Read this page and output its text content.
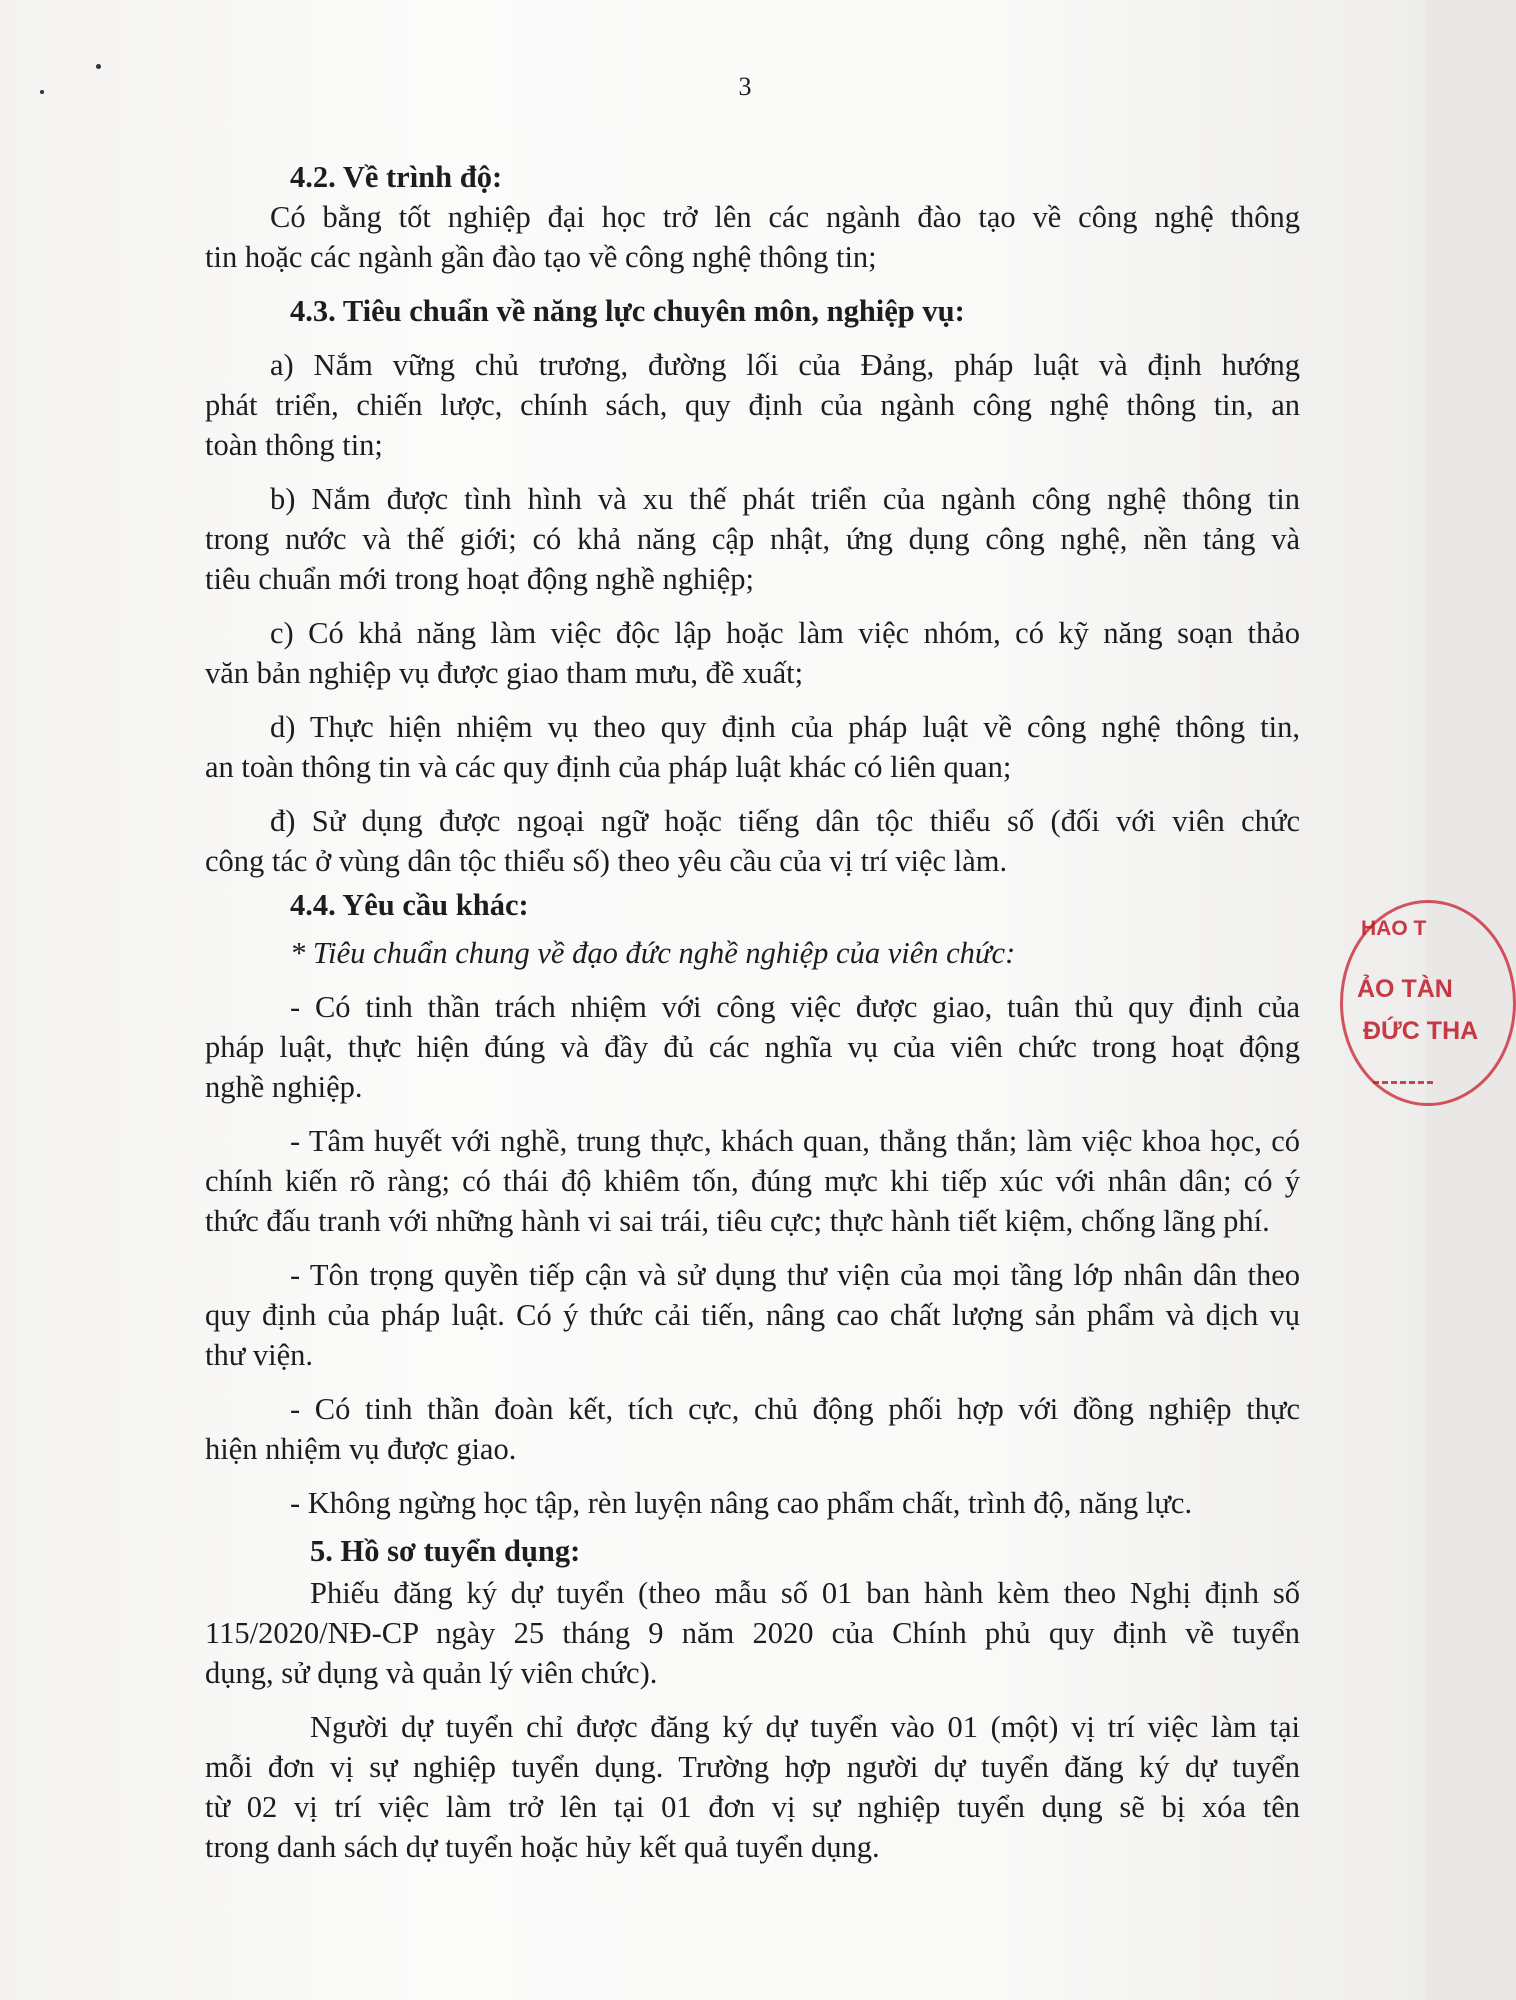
3
4.2. Về trình độ:
Có bằng tốt nghiệp đại học trở lên các ngành đào tạo về công nghệ thông
tin hoặc các ngành gần đào tạo về công nghệ thông tin;
4.3. Tiêu chuẩn về năng lực chuyên môn, nghiệp vụ:
a) Nắm vững chủ trương, đường lối của Đảng, pháp luật và định hướng
phát triển, chiến lược, chính sách, quy định của ngành công nghệ thông tin, an
toàn thông tin;
b) Nắm được tình hình và xu thế phát triển của ngành công nghệ thông tin
trong nước và thế giới; có khả năng cập nhật, ứng dụng công nghệ, nền tảng và
tiêu chuẩn mới trong hoạt động nghề nghiệp;
c) Có khả năng làm việc độc lập hoặc làm việc nhóm, có kỹ năng soạn thảo
văn bản nghiệp vụ được giao tham mưu, đề xuất;
d) Thực hiện nhiệm vụ theo quy định của pháp luật về công nghệ thông tin,
an toàn thông tin và các quy định của pháp luật khác có liên quan;
đ) Sử dụng được ngoại ngữ hoặc tiếng dân tộc thiểu số (đối với viên chức
công tác ở vùng dân tộc thiểu số) theo yêu cầu của vị trí việc làm.
4.4. Yêu cầu khác:
* Tiêu chuẩn chung về đạo đức nghề nghiệp của viên chức:
- Có tinh thần trách nhiệm với công việc được giao, tuân thủ quy định của
pháp luật, thực hiện đúng và đầy đủ các nghĩa vụ của viên chức trong hoạt động
nghề nghiệp.
- Tâm huyết với nghề, trung thực, khách quan, thẳng thắn; làm việc khoa học, có
chính kiến rõ ràng; có thái độ khiêm tốn, đúng mực khi tiếp xúc với nhân dân; có ý
thức đấu tranh với những hành vi sai trái, tiêu cực; thực hành tiết kiệm, chống lãng phí.
- Tôn trọng quyền tiếp cận và sử dụng thư viện của mọi tầng lớp nhân dân theo
quy định của pháp luật. Có ý thức cải tiến, nâng cao chất lượng sản phẩm và dịch vụ
thư viện.
- Có tinh thần đoàn kết, tích cực, chủ động phối hợp với đồng nghiệp thực
hiện nhiệm vụ được giao.
- Không ngừng học tập, rèn luyện nâng cao phẩm chất, trình độ, năng lực.
5. Hồ sơ tuyển dụng:
Phiếu đăng ký dự tuyển (theo mẫu số 01 ban hành kèm theo Nghị định số
115/2020/NĐ-CP ngày 25 tháng 9 năm 2020 của Chính phủ quy định về tuyển
dụng, sử dụng và quản lý viên chức).
Người dự tuyển chỉ được đăng ký dự tuyển vào 01 (một) vị trí việc làm tại
mỗi đơn vị sự nghiệp tuyển dụng. Trường hợp người dự tuyển đăng ký dự tuyển
từ 02 vị trí việc làm trở lên tại 01 đơn vị sự nghiệp tuyển dụng sẽ bị xóa tên
trong danh sách dự tuyển hoặc hủy kết quả tuyển dụng.
HAO T
ẢO TÀN
ĐỨC THA
